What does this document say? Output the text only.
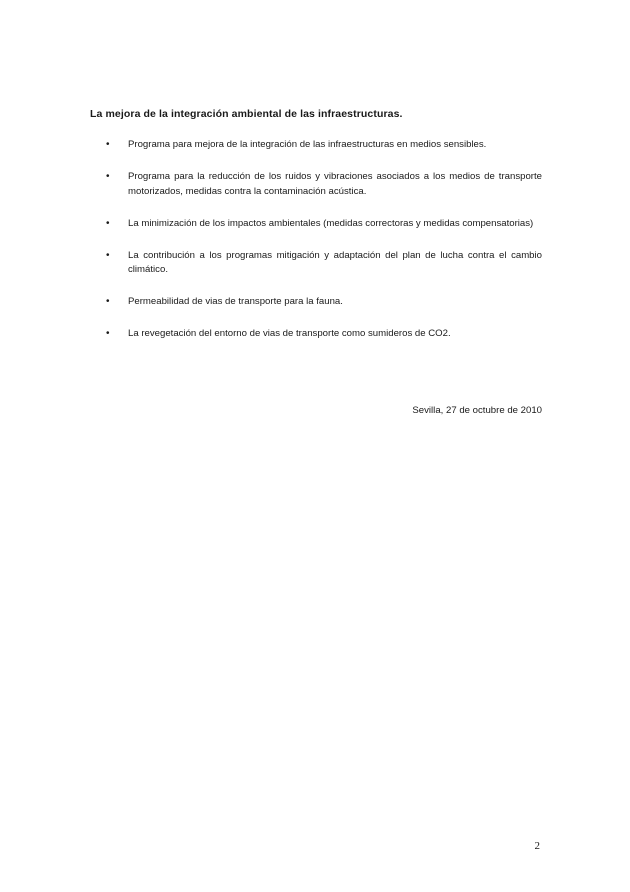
La mejora de la integración ambiental de las infraestructuras.
• Programa para mejora de la integración de las infraestructuras en medios sensibles.
• Programa para la reducción de los ruidos y vibraciones asociados a los medios de transporte motorizados, medidas contra la contaminación acústica.
• La minimización de los impactos ambientales (medidas correctoras y medidas compensatorias)
• La contribución a los programas mitigación y adaptación del plan de lucha contra el cambio climático.
• Permeabilidad de vias de transporte para la fauna.
• La revegetación del entorno de vias de transporte como sumideros de CO2.
Sevilla, 27 de octubre de 2010
2
